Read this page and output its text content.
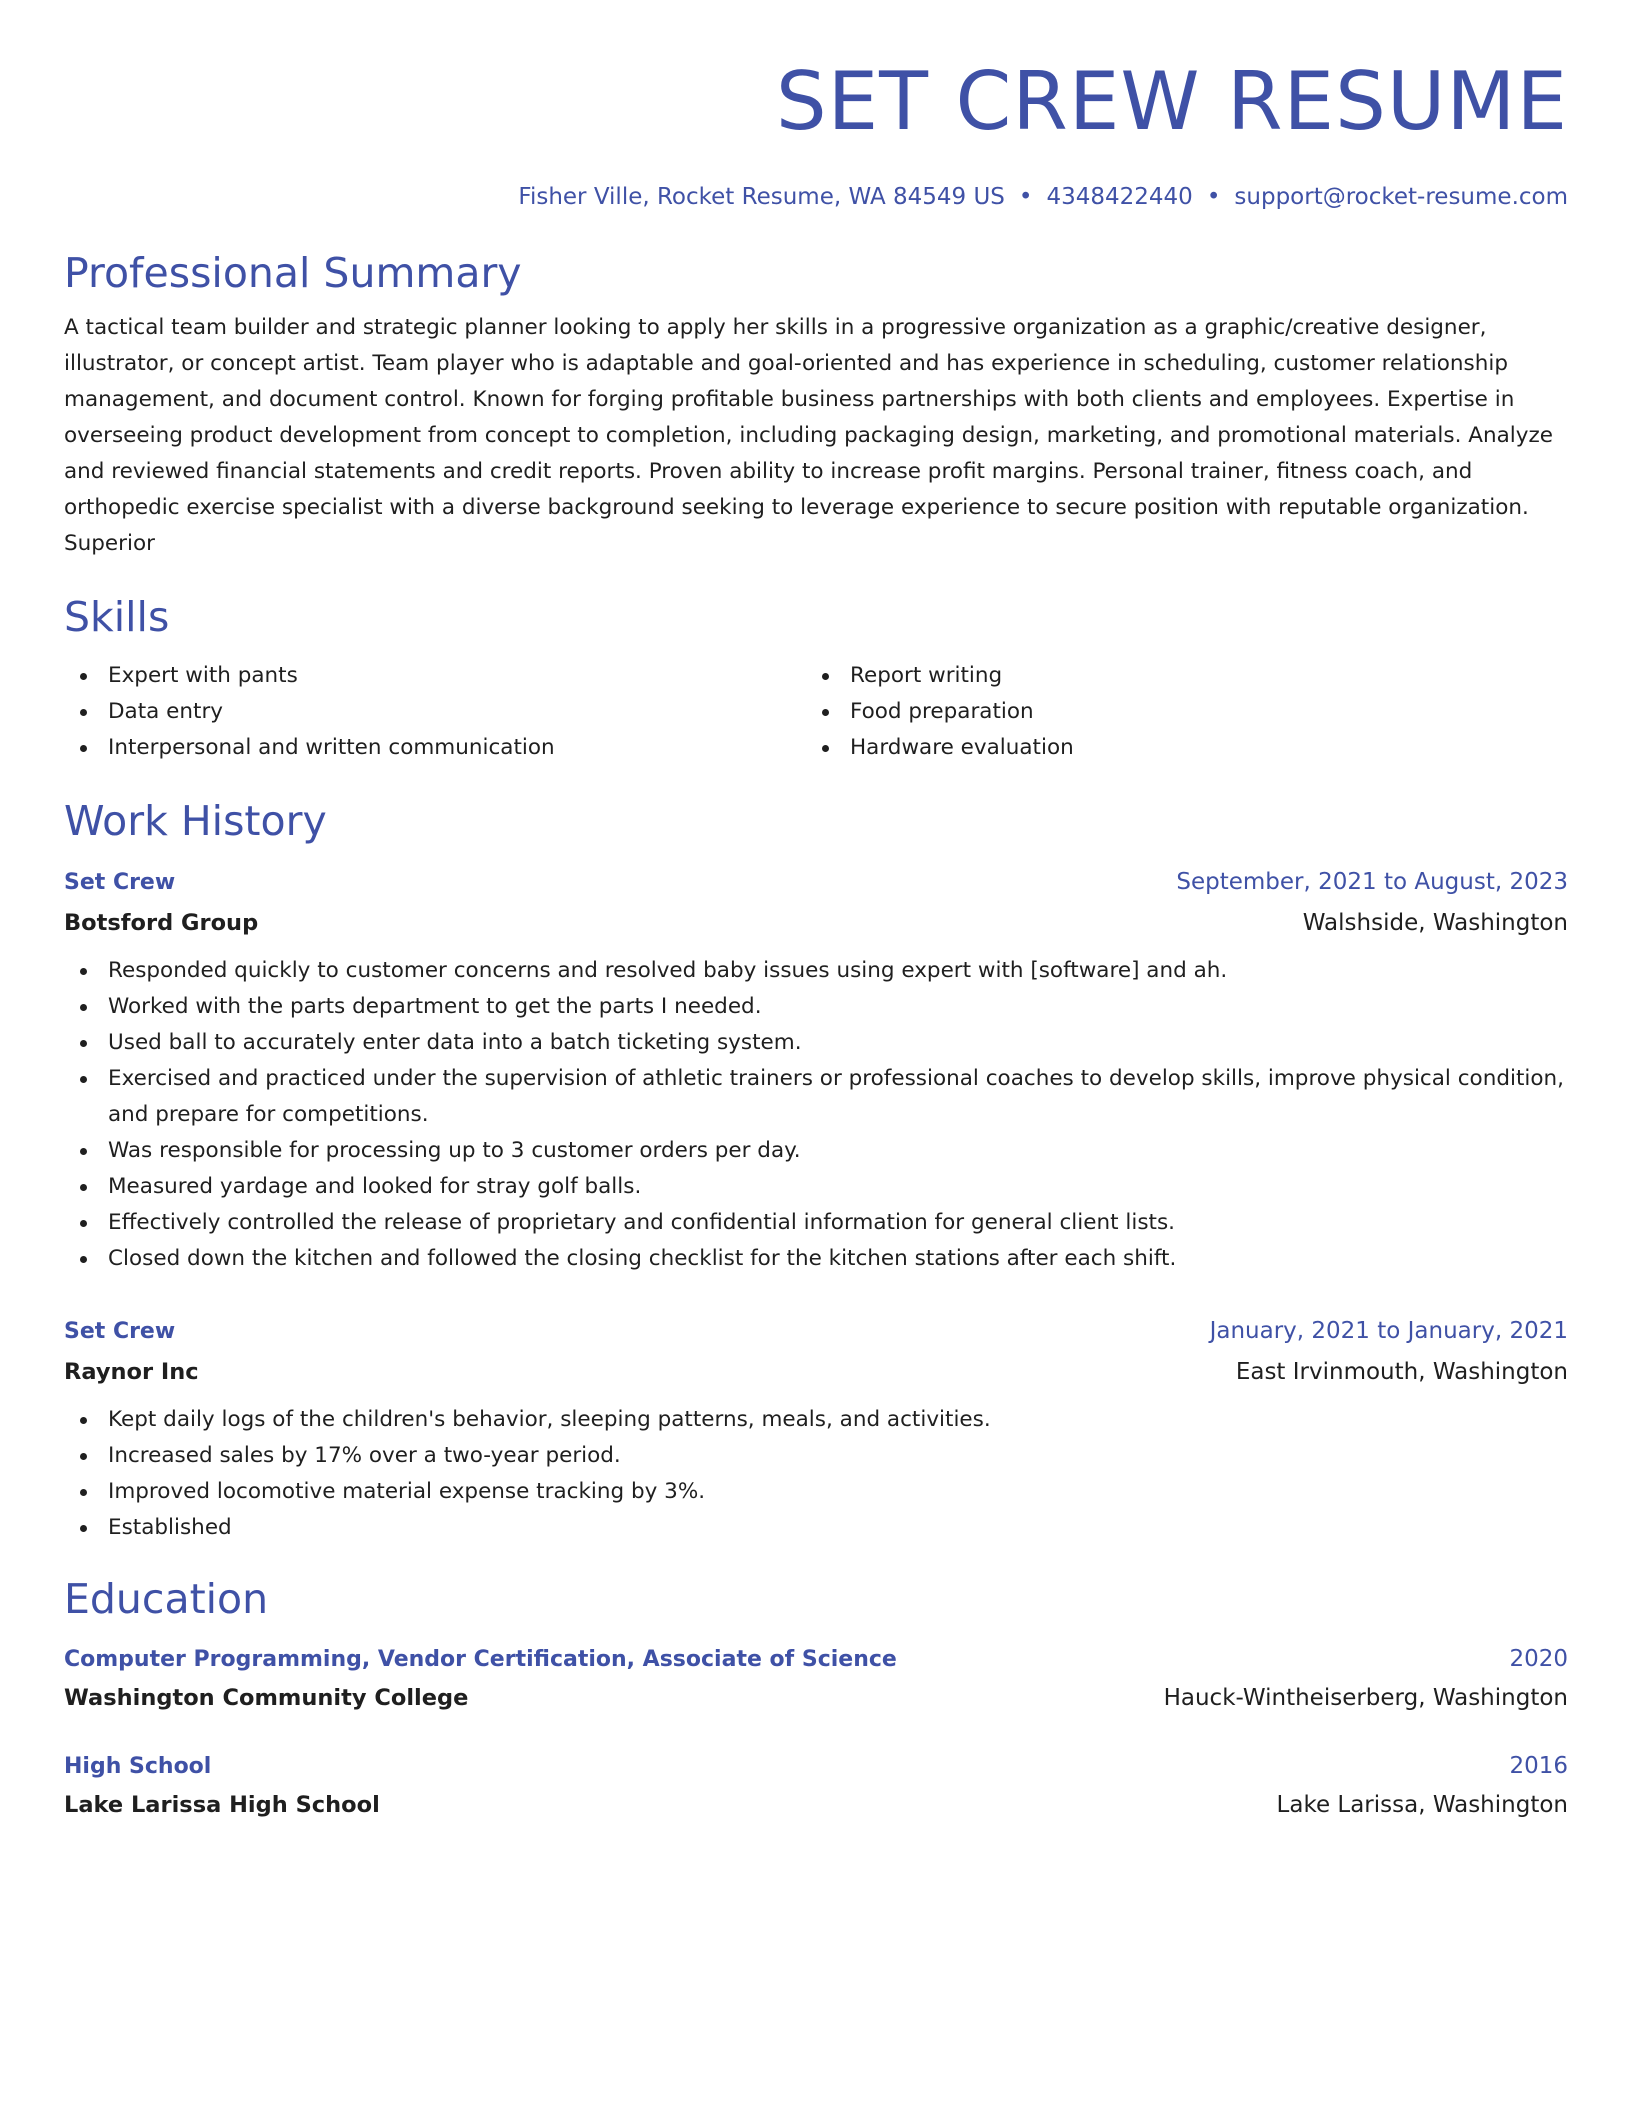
SET CREW RESUME
Fisher Ville, Rocket Resume, WA 84549 US • 4348422440 • support@rocket-resume.com
Professional Summary
A tactical team builder and strategic planner looking to apply her skills in a progressive organization as a graphic/creative designer, illustrator, or concept artist. Team player who is adaptable and goal-oriented and has experience in scheduling, customer relationship management, and document control. Known for forging profitable business partnerships with both clients and employees. Expertise in overseeing product development from concept to completion, including packaging design, marketing, and promotional materials. Analyze and reviewed financial statements and credit reports. Proven ability to increase profit margins. Personal trainer, fitness coach, and orthopedic exercise specialist with a diverse background seeking to leverage experience to secure position with reputable organization. Superior
Skills
Expert with pants
Data entry
Interpersonal and written communication
Report writing
Food preparation
Hardware evaluation
Work History
Set Crew	September, 2021 to August, 2023
Botsford Group	Walshside, Washington
Responded quickly to customer concerns and resolved baby issues using expert with [software] and ah.
Worked with the parts department to get the parts I needed.
Used ball to accurately enter data into a batch ticketing system.
Exercised and practiced under the supervision of athletic trainers or professional coaches to develop skills, improve physical condition, and prepare for competitions.
Was responsible for processing up to 3 customer orders per day.
Measured yardage and looked for stray golf balls.
Effectively controlled the release of proprietary and confidential information for general client lists.
Closed down the kitchen and followed the closing checklist for the kitchen stations after each shift.
Set Crew	January, 2021 to January, 2021
Raynor Inc	East Irvinmouth, Washington
Kept daily logs of the children's behavior, sleeping patterns, meals, and activities.
Increased sales by 17% over a two-year period.
Improved locomotive material expense tracking by 3%.
Established
Education
Computer Programming, Vendor Certification, Associate of Science	2020
Washington Community College	Hauck-Wintheiserberg, Washington
High School	2016
Lake Larissa High School	Lake Larissa, Washington
